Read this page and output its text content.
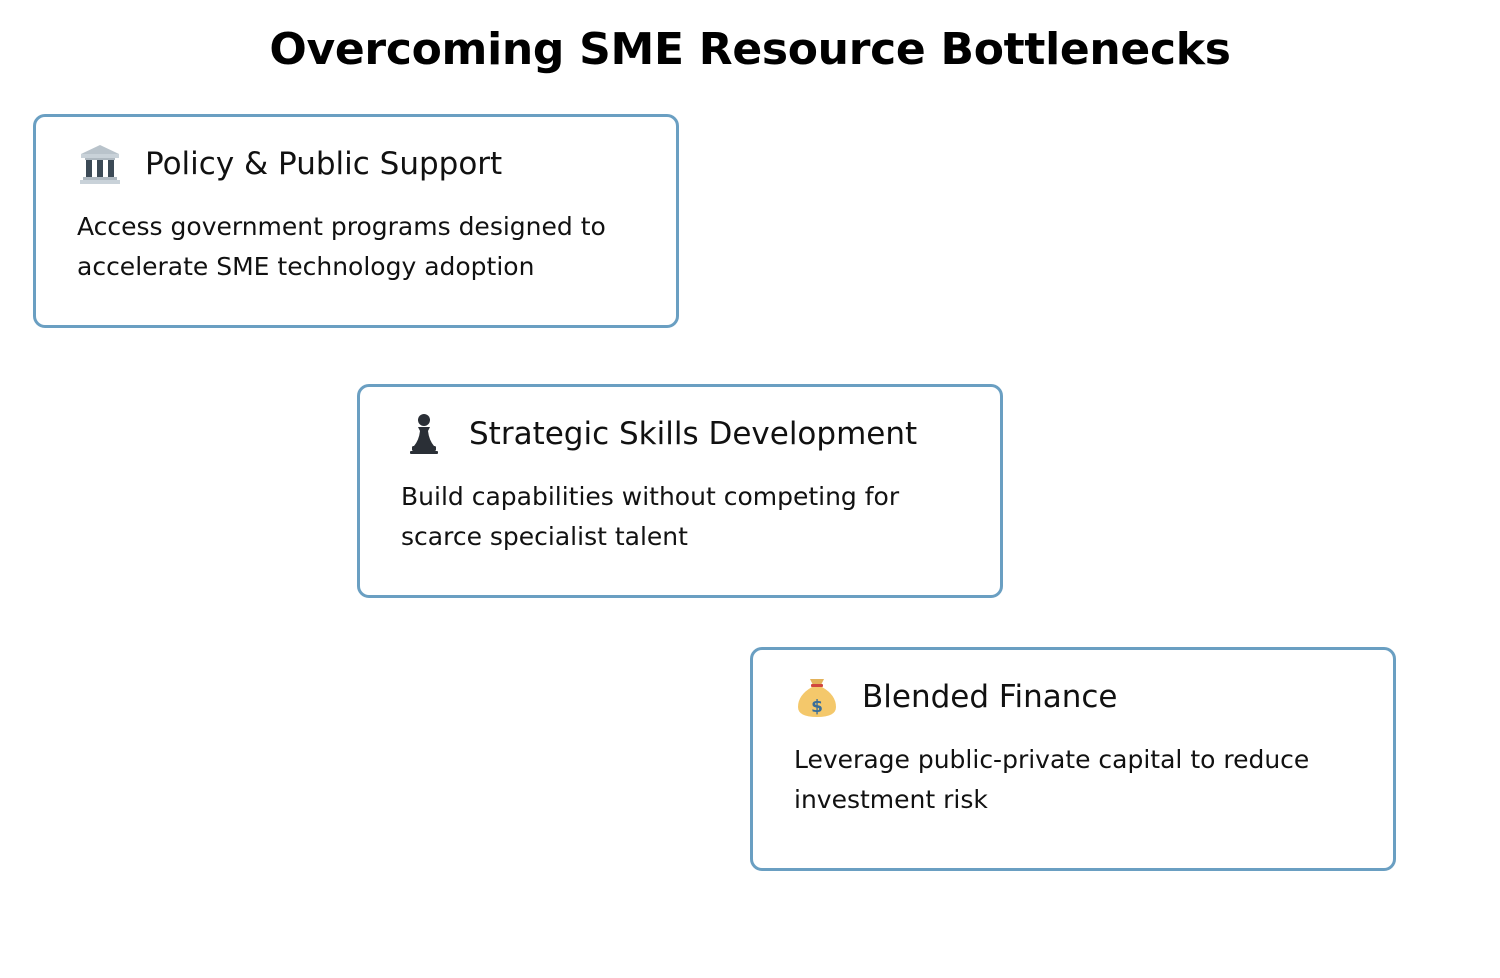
Overcoming SME Resource Bottlenecks
Policy & Public Support
Access government programs designed to accelerate SME technology adoption
Strategic Skills Development
Build capabilities without competing for scarce specialist talent
$ Blended Finance
Leverage public-private capital to reduce investment risk
